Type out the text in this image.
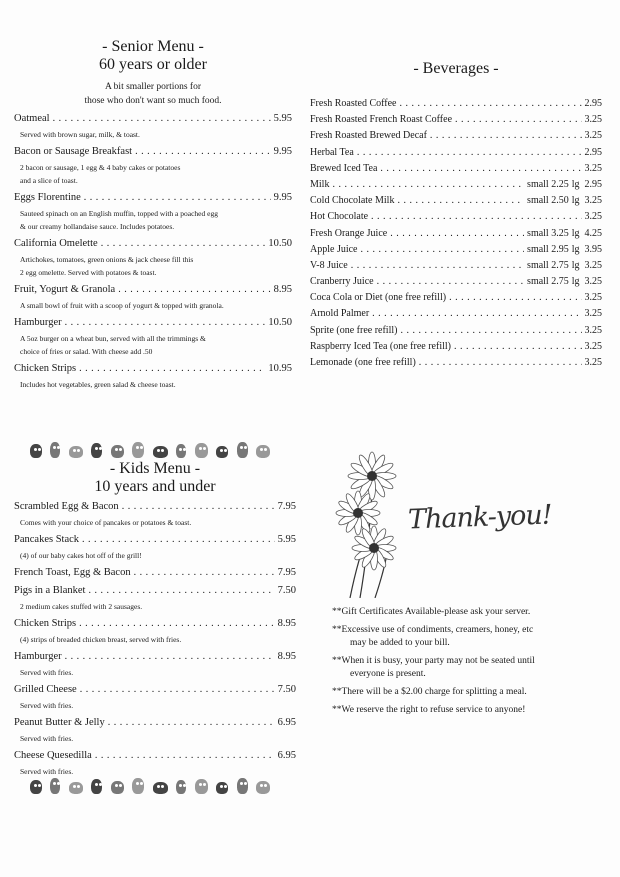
- Senior Menu -
60 years or older
A bit smaller portions for
those who don't want so much food.
Oatmeal . . .	5.95
Served with brown sugar, milk, & toast.
Bacon or Sausage Breakfast . . .	9.95
2 bacon or sausage, 1 egg & 4 baby cakes or potatoes
and a slice of toast.
Eggs Florentine . . .	9.95
Sauteed spinach on an English muffin, topped with a poached egg
& our creamy hollandaise sauce. Includes potatoes.
California Omelette . . .	10.50
Artichokes, tomatoes, green onions & jack cheese fill this
2 egg omelette. Served with potatoes & toast.
Fruit, Yogurt & Granola . . .	8.95
A small bowl of fruit with a scoop of yogurt & topped with granola.
Hamburger . . .	10.50
A 5oz burger on a wheat bun, served with all the trimmings &
choice of fries or salad. With cheese add .50
Chicken Strips . . .	10.95
Includes hot vegetables, green salad & cheese toast.
- Kids Menu -
10 years and under
Scrambled Egg & Bacon . . .	7.95
Comes with your choice of pancakes or potatoes & toast.
Pancakes Stack . . .	5.95
(4) of our baby cakes hot off of the grill!
French Toast, Egg & Bacon . . .	7.95
Pigs in a Blanket . . .	7.50
2 medium cakes stuffed with 2 sausages.
Chicken Strips . . .	8.95
(4) strips of breaded chicken breast, served with fries.
Hamburger . . .	8.95
Served with fries.
Grilled Cheese . . .	7.50
Served with fries.
Peanut Butter & Jelly . . .	6.95
Served with fries.
Cheese Quesedilla . . .	6.95
Served with fries.
- Beverages -
Fresh Roasted Coffee . . .	2.95
Fresh Roasted French Roast Coffee . . .	3.25
Fresh Roasted Brewed Decaf . . .	3.25
Herbal Tea . . .	2.95
Brewed Iced Tea . . .	3.25
Milk . . .	small 2.25 lg  2.95
Cold Chocolate Milk . . .	small 2.50 lg  3.25
Hot Chocolate . . .	3.25
Fresh Orange Juice . . .	small 3.25 lg  4.25
Apple Juice . . .	small 2.95 lg  3.95
V-8 Juice . . .	small 2.75 lg  3.25
Cranberry Juice . . .	small 2.75 lg  3.25
Coca Cola or Diet (one free refill) . . .	3.25
Arnold Palmer . . .	3.25
Sprite (one free refill) . . .	3.25
Raspberry Iced Tea (one free refill) . . .	3.25
Lemonade (one free refill) . . .	3.25
Thank-you!
**Gift Certificates Available-please ask your server.
**Excessive use of condiments, creamers, honey, etc
may be added to your bill.
**When it is busy, your party may not be seated until
everyone is present.
**There will be a $2.00 charge for splitting a meal.
**We reserve the right to refuse service to anyone!
